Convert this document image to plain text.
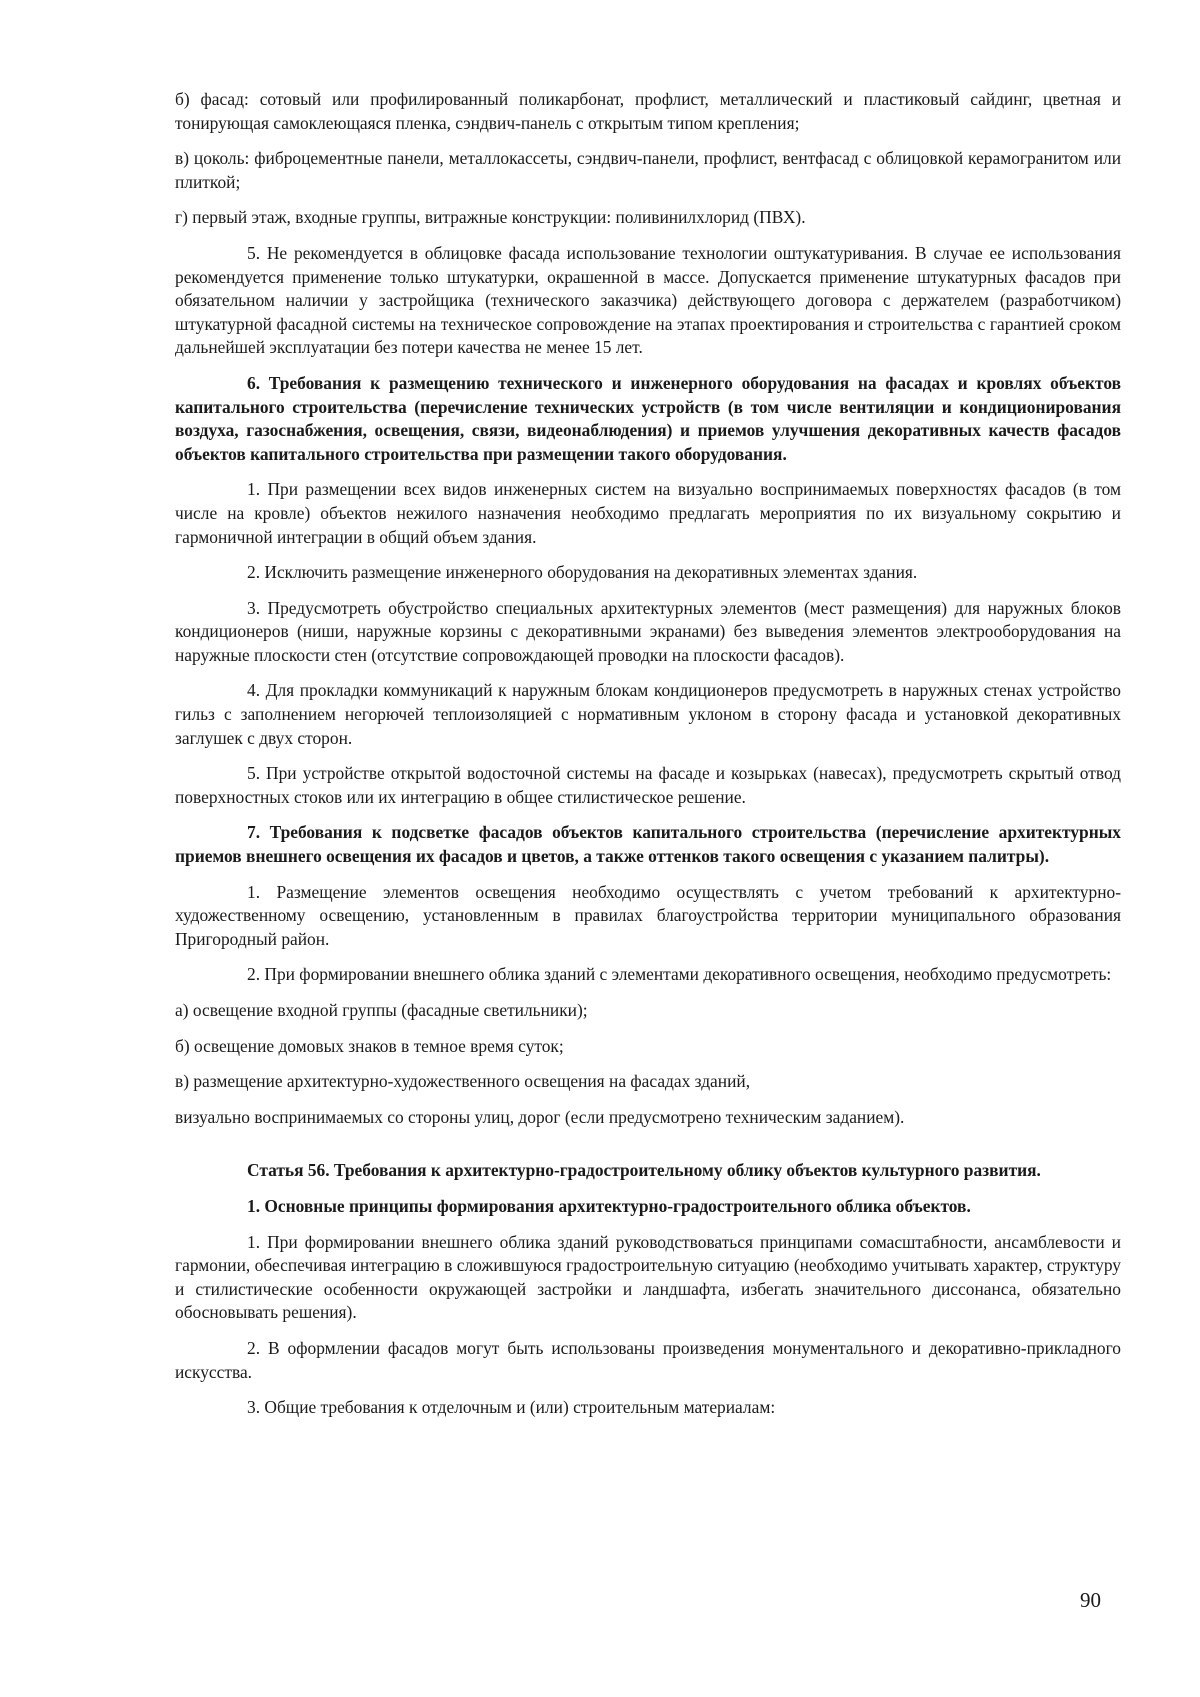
б) фасад: сотовый или профилированный поликарбонат, профлист, металлический и пластиковый сайдинг, цветная и тонирующая самоклеющаяся пленка, сэндвич-панель с открытым типом крепления;

в) цоколь: фиброцементные панели, металлокассеты, сэндвич-панели, профлист, вентфасад с облицовкой керамогранитом или плиткой;

г) первый этаж, входные группы, витражные конструкции: поливинилхлорид (ПВХ).

5. Не рекомендуется в облицовке фасада использование технологии оштукатуривания. В случае ее использования рекомендуется применение только штукатурки, окрашенной в массе. Допускается применение штукатурных фасадов при обязательном наличии у застройщика (технического заказчика) действующего договора с держателем (разработчиком) штукатурной фасадной системы на техническое сопровождение на этапах проектирования и строительства с гарантией сроком дальнейшей эксплуатации без потери качества не менее 15 лет.

6. Требования к размещению технического и инженерного оборудования на фасадах и кровлях объектов капитального строительства (перечисление технических устройств (в том числе вентиляции и кондиционирования воздуха, газоснабжения, освещения, связи, видеонаблюдения) и приемов улучшения декоративных качеств фасадов объектов капитального строительства при размещении такого оборудования.

1. При размещении всех видов инженерных систем на визуально воспринимаемых поверхностях фасадов (в том числе на кровле) объектов нежилого назначения необходимо предлагать мероприятия по их визуальному сокрытию и гармоничной интеграции в общий объем здания.

2. Исключить размещение инженерного оборудования на декоративных элементах здания.

3. Предусмотреть обустройство специальных архитектурных элементов (мест размещения) для наружных блоков кондиционеров (ниши, наружные корзины с декоративными экранами) без выведения элементов электрооборудования на наружные плоскости стен (отсутствие сопровождающей проводки на плоскости фасадов).

4. Для прокладки коммуникаций к наружным блокам кондиционеров предусмотреть в наружных стенах устройство гильз с заполнением негорючей теплоизоляцией с нормативным уклоном в сторону фасада и установкой декоративных заглушек с двух сторон.

5. При устройстве открытой водосточной системы на фасаде и козырьках (навесах), предусмотреть скрытый отвод поверхностных стоков или их интеграцию в общее стилистическое решение.

7. Требования к подсветке фасадов объектов капитального строительства (перечисление архитектурных приемов внешнего освещения их фасадов и цветов, а также оттенков такого освещения с указанием палитры).

1. Размещение элементов освещения необходимо осуществлять с учетом требований к архитектурно-художественному освещению, установленным в правилах благоустройства территории муниципального образования Пригородный район.

2. При формировании внешнего облика зданий с элементами декоративного освещения, необходимо предусмотреть:

а) освещение входной группы (фасадные светильники);

б) освещение домовых знаков в темное время суток;

в) размещение архитектурно-художественного освещения на фасадах зданий,

визуально воспринимаемых со стороны улиц, дорог (если предусмотрено техническим заданием).

Статья 56. Требования к архитектурно-градостроительному облику объектов культурного развития.

1. Основные принципы формирования архитектурно-градостроительного облика объектов.

1. При формировании внешнего облика зданий руководствоваться принципами сомасштабности, ансамблевости и гармонии, обеспечивая интеграцию в сложившуюся градостроительную ситуацию (необходимо учитывать характер, структуру и стилистические особенности окружающей застройки и ландшафта, избегать значительного диссонанса, обязательно обосновывать решения).

2. В оформлении фасадов могут быть использованы произведения монументального и декоративно-прикладного искусства.

3. Общие требования к отделочным и (или) строительным материалам:

90
